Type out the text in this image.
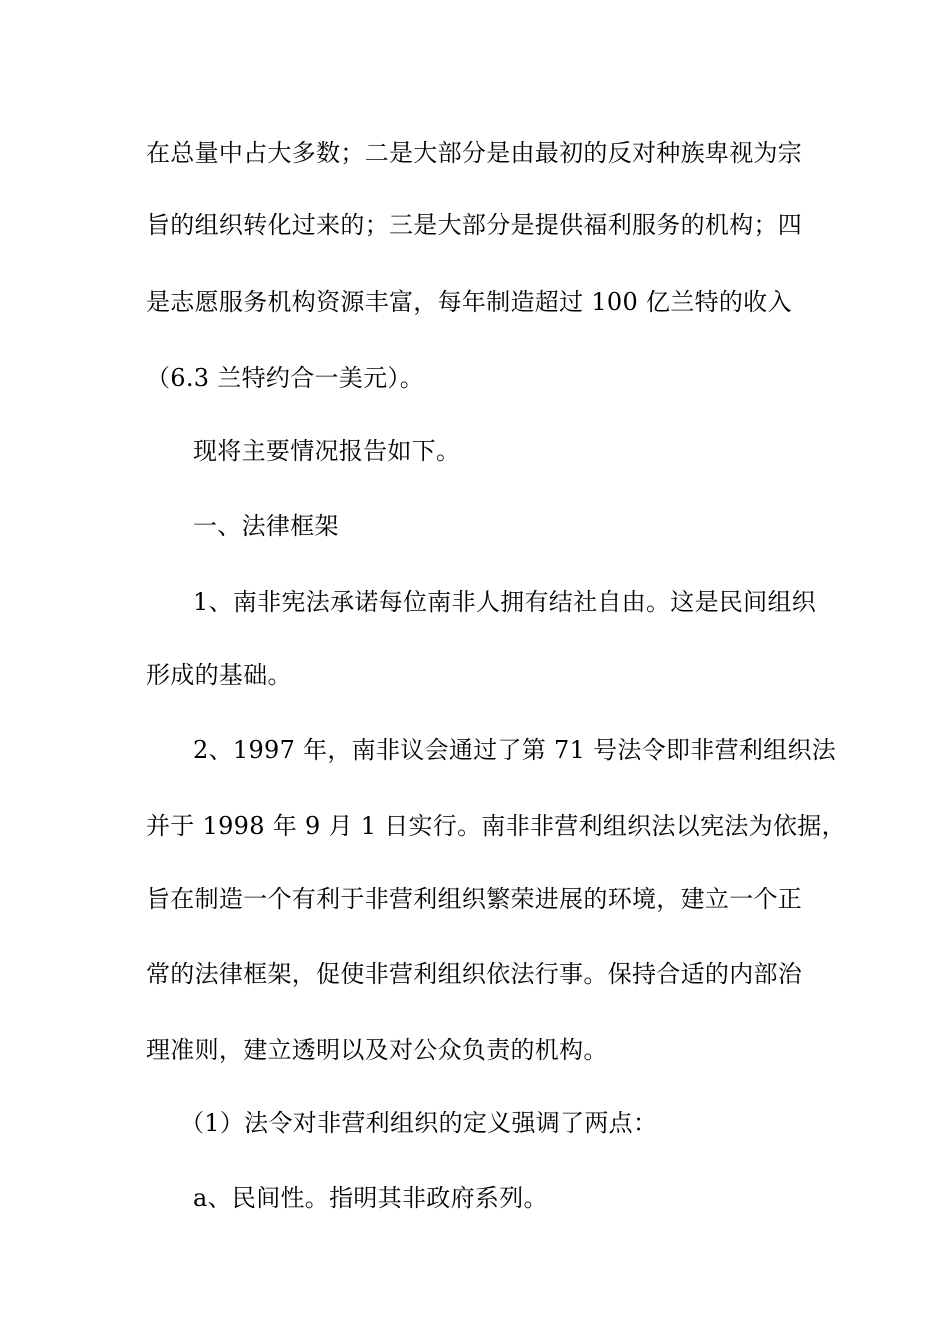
在总量中占大多数；二是大部分是由最初的反对种族卑视为宗
旨的组织转化过来的；三是大部分是提供福利服务的机构；四
是志愿服务机构资源丰富，每年制造超过 100 亿兰特的收入
（6.3 兰特约合一美元）。
现将主要情况报告如下。
一、法律框架
1、南非宪法承诺每位南非人拥有结社自由。这是民间组织
形成的基础。
2、1997 年，南非议会通过了第 71 号法令即非营利组织法
并于 1998 年 9 月 1 日实行。南非非营利组织法以宪法为依据，
旨在制造一个有利于非营利组织繁荣进展的环境，建立一个正
常的法律框架，促使非营利组织依法行事。保持合适的内部治
理准则，建立透明以及对公众负责的机构。
（1）法令对非营利组织的定义强调了两点：
a、民间性。指明其非政府系列。
